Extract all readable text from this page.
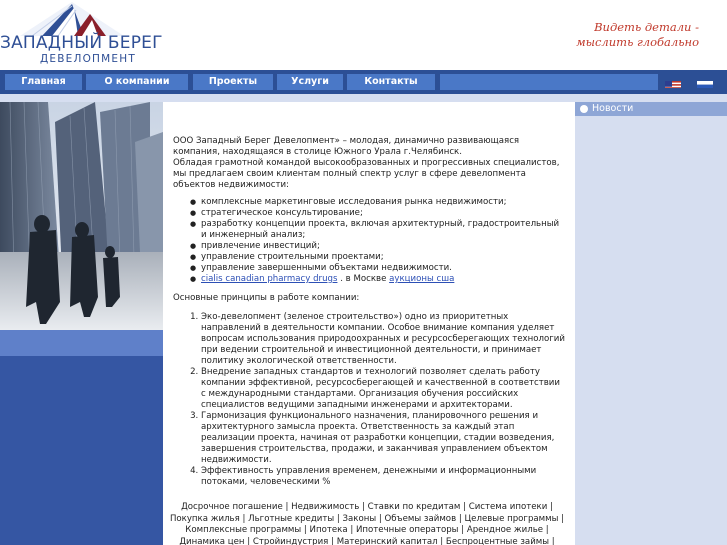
ЗАПАДНЫЙ БЕРЕГ
ДЕВЕЛОПМЕНТ
Видеть детали -
мыслить глобально
Главная	О компании	Проекты	Услуги	Контакты
Новости

ООО Западный Берег Девелопмент» – молодая, динамично развивающаяся компания, находящаяся в столице Южного Урала г.Челябинск.

Обладая грамотной командой высокообразованных и прогрессивных специалистов, мы предлагаем своим клиентам полный спектр услуг в сфере девелопмента объектов недвижимости:

● комплексные маркетинговые исследования рынка недвижимости;
● стратегическое консультирование;
● разработку концепции проекта, включая архитектурный, градостроительный и инженерный анализ;
● привлечение инвестиций;
● управление строительными проектами;
● управление завершенными объектами недвижимости.
● cialis canadian pharmacy drugs . в Москве аукционы сша

Основные принципы в работе компании:

1. Эко-девелопмент (зеленое строительство») одно из приоритетных направлений в деятельности компании. Особое внимание компания уделяет вопросам использования природоохранных и ресурсосберегающих технологий при ведении строительной и инвестиционной деятельности, и принимает политику экологической ответственности.
2. Внедрение западных стандартов и технологий позволяет сделать работу компании эффективной, ресурсосберегающей и качественной в соответствии с международными стандартами. Организация обучения российских специалистов ведущими западными инженерами и архитекторами.
3. Гармонизация функционального назначения, планировочного решения и архитектурного замысла проекта. Ответственность за каждый этап реализации проекта, начиная от разработки концепции, стадии возведения, завершения строительства, продажи, и заканчивая управлением объектом недвижимости.
4. Эффективность управления временем, денежными и информационными потоками, человеческими %
Досрочное погашение | Недвижимость | Ставки по кредитам | Система ипотеки |
Покупка жилья | Льготные кредиты | Законы | Объемы займов | Целевые программы |
Комплексные программы | Ипотека | Ипотечные операторы | Арендное жилье |
Динамика цен | Стройиндустрия | Материнский капитал | Беспроцентные займы |
